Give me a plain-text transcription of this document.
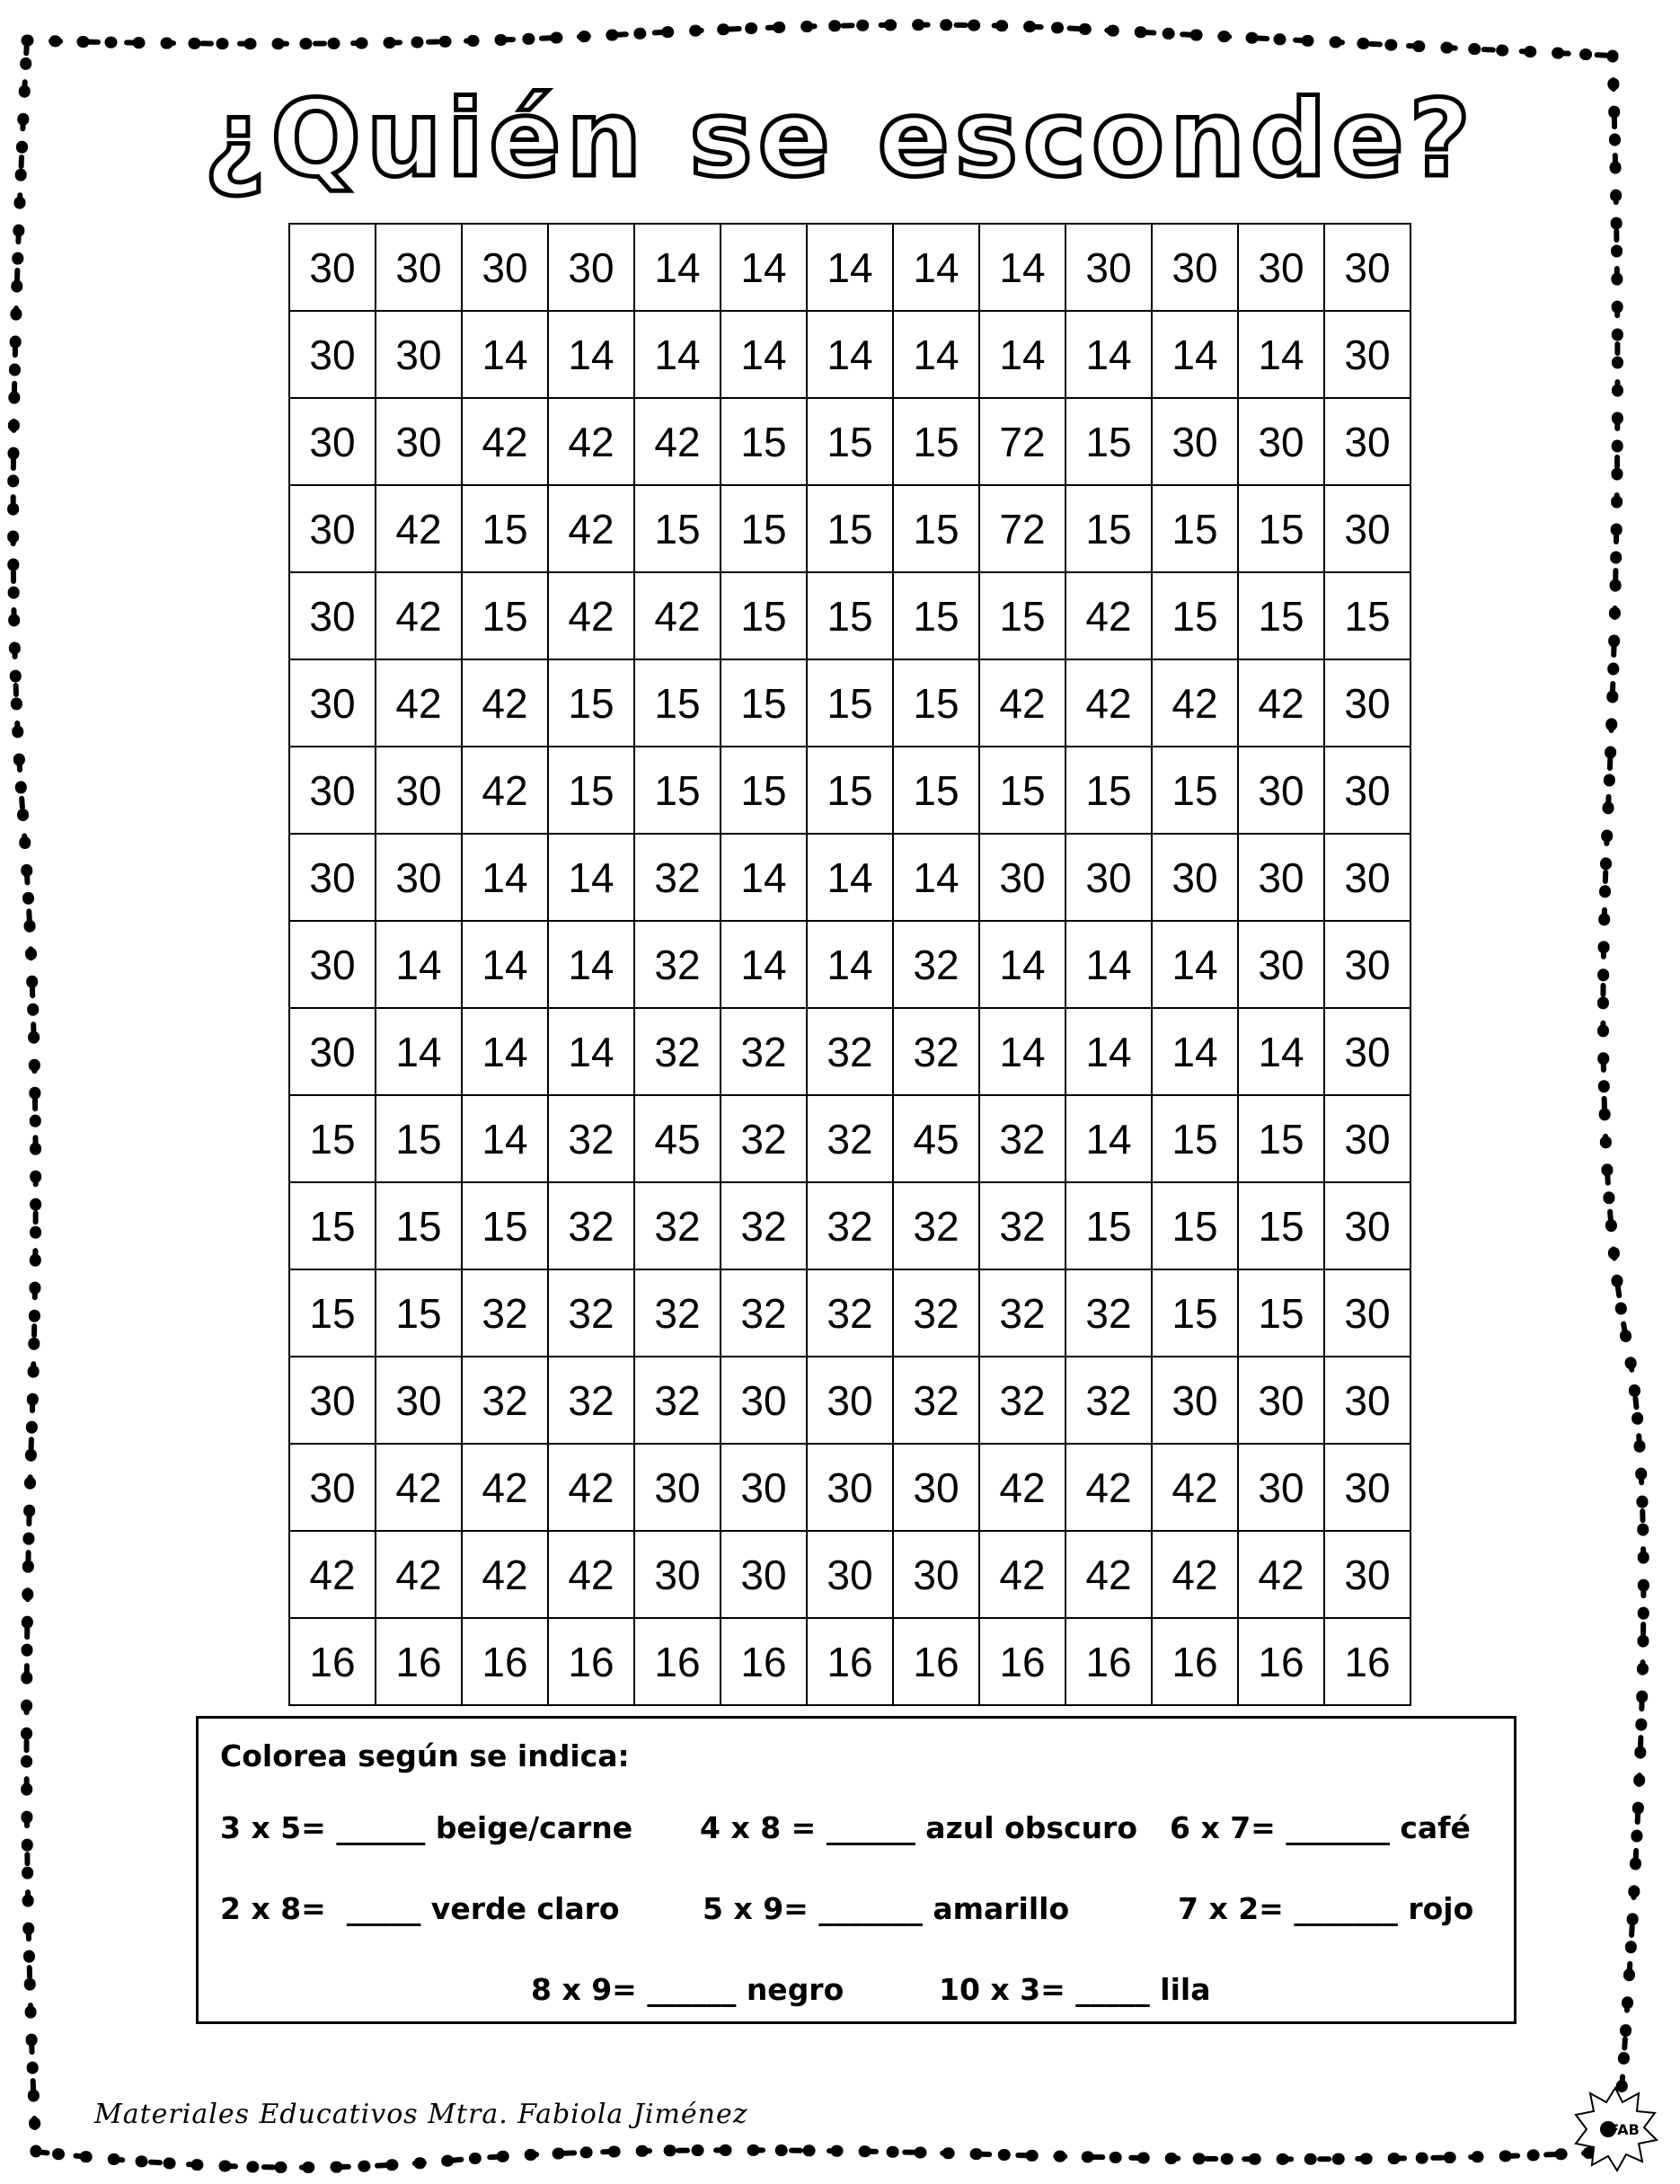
¿Quién se esconde?
30	30	30	30	14	14	14	14	14	30	30	30	30
30	30	14	14	14	14	14	14	14	14	14	14	30
30	30	42	42	42	15	15	15	72	15	30	30	30
30	42	15	42	15	15	15	15	72	15	15	15	30
30	42	15	42	42	15	15	15	15	42	15	15	15
30	42	42	15	15	15	15	15	42	42	42	42	30
30	30	42	15	15	15	15	15	15	15	15	30	30
30	30	14	14	32	14	14	14	30	30	30	30	30
30	14	14	14	32	14	14	32	14	14	14	30	30
30	14	14	14	32	32	32	32	14	14	14	14	30
15	15	14	32	45	32	32	45	32	14	15	15	30
15	15	15	32	32	32	32	32	32	15	15	15	30
15	15	32	32	32	32	32	32	32	32	15	15	30
30	30	32	32	32	30	30	32	32	32	30	30	30
30	42	42	42	30	30	30	30	42	42	42	30	30
42	42	42	42	30	30	30	30	42	42	42	42	30
16	16	16	16	16	16	16	16	16	16	16	16	16
Colorea según se indica:
3 x 5= ______ beige/carne 4 x 8 = ______ azul obscuro 6 x 7= _______ café
2 x 8=  _____ verde claro	5 x 9= _______ amarillo	7 x 2= _______ rojo
8 x 9= ______ negro	10 x 3= _____ lila
Materiales Educativos Mtra. Fabiola Jiménez	FAB
